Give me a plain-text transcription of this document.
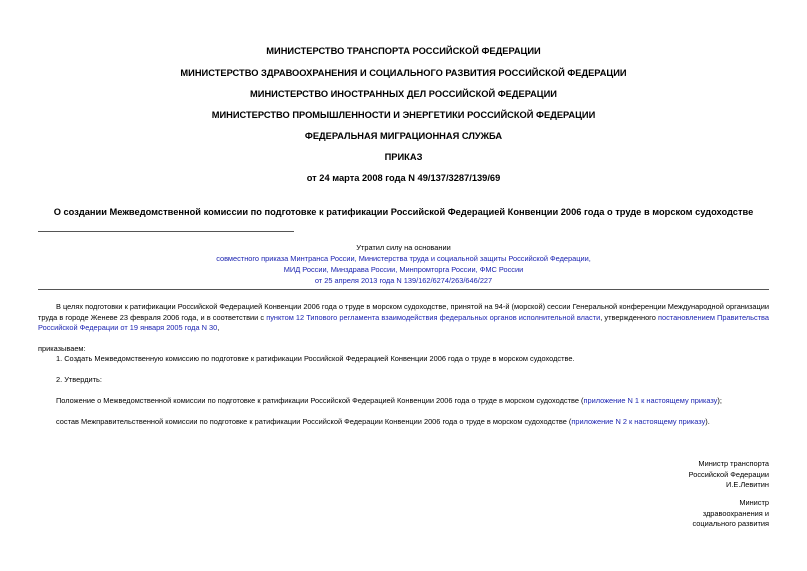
МИНИСТЕРСТВО ТРАНСПОРТА РОССИЙСКОЙ ФЕДЕРАЦИИ
МИНИСТЕРСТВО ЗДРАВООХРАНЕНИЯ И СОЦИАЛЬНОГО РАЗВИТИЯ РОССИЙСКОЙ ФЕДЕРАЦИИ
МИНИСТЕРСТВО ИНОСТРАННЫХ ДЕЛ РОССИЙСКОЙ ФЕДЕРАЦИИ
МИНИСТЕРСТВО ПРОМЫШЛЕННОСТИ И ЭНЕРГЕТИКИ РОССИЙСКОЙ ФЕДЕРАЦИИ
ФЕДЕРАЛЬНАЯ МИГРАЦИОННАЯ СЛУЖБА
ПРИКАЗ
от 24 марта 2008 года N 49/137/3287/139/69
О создании Межведомственной комиссии по подготовке к ратификации Российской Федерацией Конвенции 2006 года о труде в морском судоходстве
Утратил силу на основании
совместного приказа Минтранса России, Министерства труда и социальной защиты Российской Федерации,
МИД России, Минздрава России, Минпромторга России, ФМС России
от 25 апреля 2013 года N 139/162/6274/263/646/227
В целях подготовки к ратификации Российской Федерацией Конвенции 2006 года о труде в морском судоходстве, принятой на 94-й (морской) сессии Генеральной конференции Международной организации труда в городе Женеве 23 февраля 2006 года, и в соответствии с пунктом 12 Типового регламента взаимодействия федеральных органов исполнительной власти, утвержденного постановлением Правительства Российской Федерации от 19 января 2005 года N 30,
приказываем:
1. Создать Межведомственную комиссию по подготовке к ратификации Российской Федерацией Конвенции 2006 года о труде в морском судоходстве.
2. Утвердить:
Положение о Межведомственной комиссии по подготовке к ратификации Российской Федерацией Конвенции 2006 года о труде в морском судоходстве (приложение N 1 к настоящему приказу);
состав Межправительственной комиссии по подготовке к ратификации Российской Федерации Конвенции 2006 года о труде в морском судоходстве (приложение N 2 к настоящему приказу).
Министр транспорта
Российской Федерации
И.Е.Левитин
Министр
здравоохранения и
социального развития
